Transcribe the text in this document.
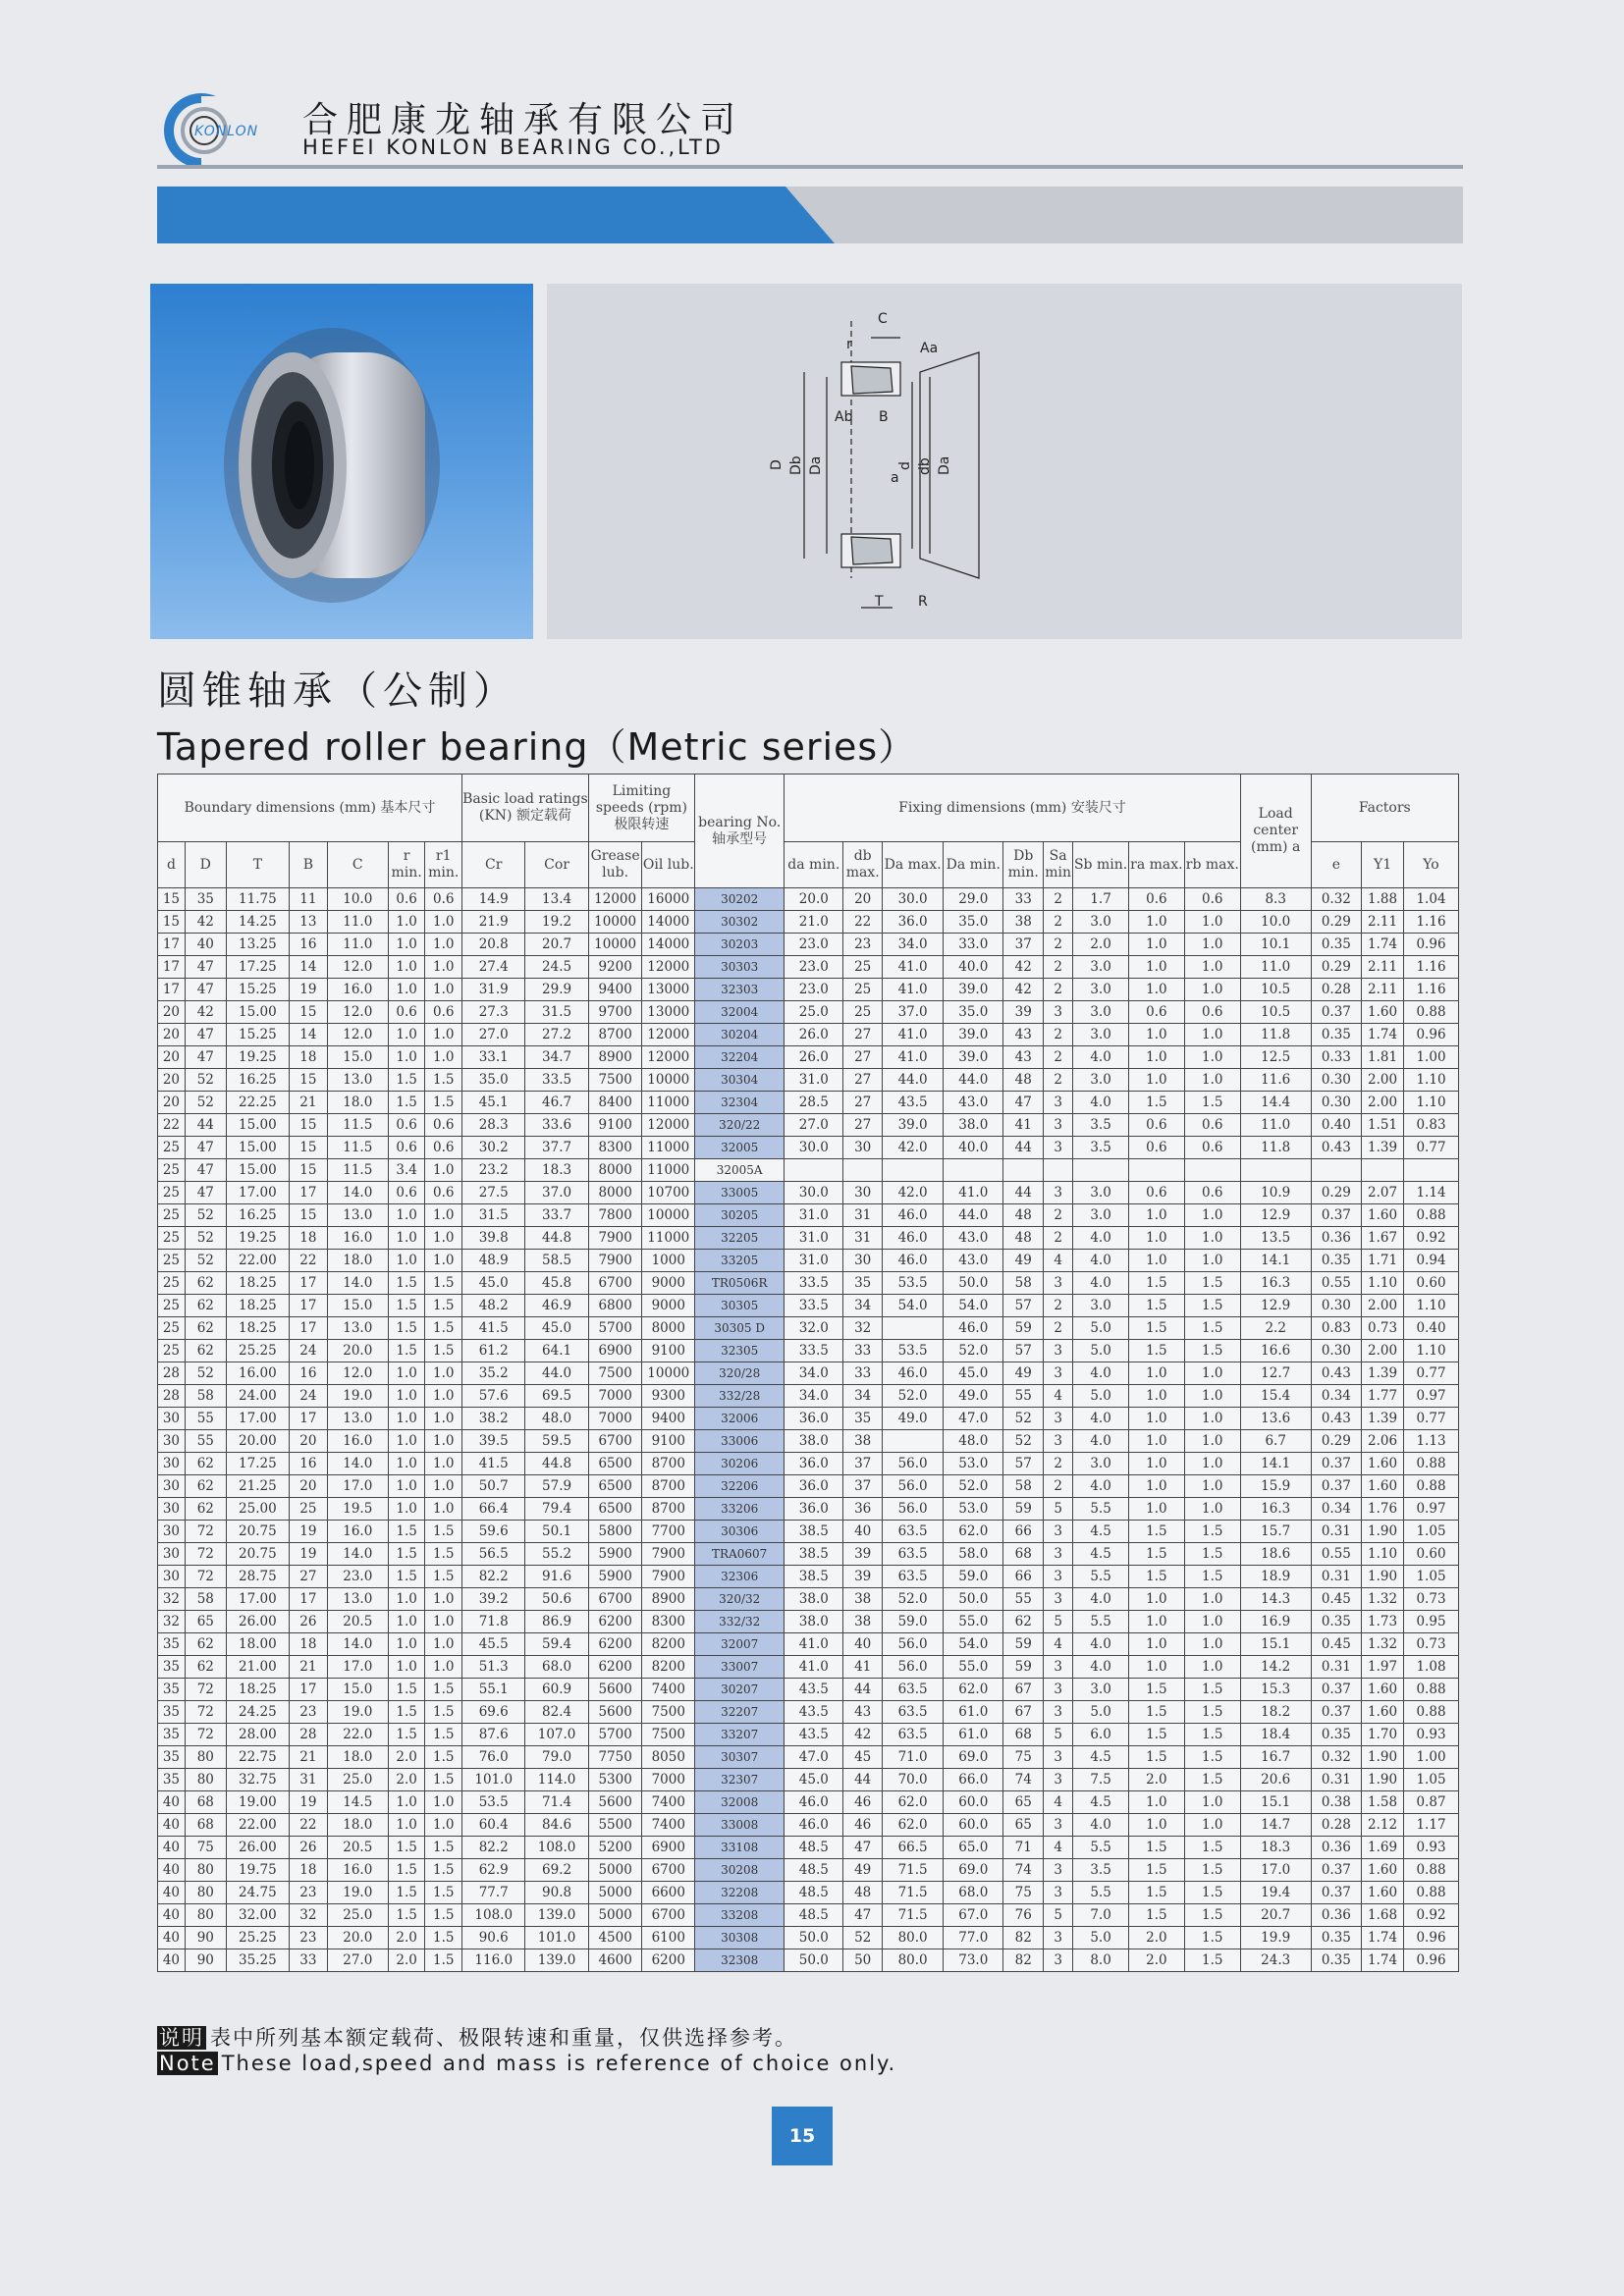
KONLON 合肥康龙轴承有限公司
HEFEI KONLON BEARING CO.,LTD
C
r	Aa
Ab B
D Db Da
a
d db Da
T	R
圆锥轴承（公制）
Tapered roller bearing（Metric series）
Boundary dimensions (mm) 基本尺寸							Basic load ratings (KN) 额定载荷		Limiting speeds (rpm) 极限转速		bearing No. 轴承型号	Fixing dimensions (mm) 安装尺寸									Load center (mm) a	Factors		
d	D	T	B	C	r min.	r1 min.	Cr	Cor	Grease lub.	Oil lub.		da min.	db max.	Da max.	Da min.	Db min.	Sa min	Sb min.	ra max.	rb max.		e	Y1	Yo
15	35	11.75	11	10.0	0.6	0.6	14.9	13.4	12000	16000	30202	20.0	20	30.0	29.0	33	2	1.7	0.6	0.6	8.3	0.32	1.88	1.04
15	42	14.25	13	11.0	1.0	1.0	21.9	19.2	10000	14000	30302	21.0	22	36.0	35.0	38	2	3.0	1.0	1.0	10.0	0.29	2.11	1.16
17	40	13.25	16	11.0	1.0	1.0	20.8	20.7	10000	14000	30203	23.0	23	34.0	33.0	37	2	2.0	1.0	1.0	10.1	0.35	1.74	0.96
17	47	17.25	14	12.0	1.0	1.0	27.4	24.5	9200	12000	30303	23.0	25	41.0	40.0	42	2	3.0	1.0	1.0	11.0	0.29	2.11	1.16
17	47	15.25	19	16.0	1.0	1.0	31.9	29.9	9400	13000	32303	23.0	25	41.0	39.0	42	2	3.0	1.0	1.0	10.5	0.28	2.11	1.16
20	42	15.00	15	12.0	0.6	0.6	27.3	31.5	9700	13000	32004	25.0	25	37.0	35.0	39	3	3.0	0.6	0.6	10.5	0.37	1.60	0.88
20	47	15.25	14	12.0	1.0	1.0	27.0	27.2	8700	12000	30204	26.0	27	41.0	39.0	43	2	3.0	1.0	1.0	11.8	0.35	1.74	0.96
20	47	19.25	18	15.0	1.0	1.0	33.1	34.7	8900	12000	32204	26.0	27	41.0	39.0	43	2	4.0	1.0	1.0	12.5	0.33	1.81	1.00
20	52	16.25	15	13.0	1.5	1.5	35.0	33.5	7500	10000	30304	31.0	27	44.0	44.0	48	2	3.0	1.0	1.0	11.6	0.30	2.00	1.10
20	52	22.25	21	18.0	1.5	1.5	45.1	46.7	8400	11000	32304	28.5	27	43.5	43.0	47	3	4.0	1.5	1.5	14.4	0.30	2.00	1.10
22	44	15.00	15	11.5	0.6	0.6	28.3	33.6	9100	12000	320/22	27.0	27	39.0	38.0	41	3	3.5	0.6	0.6	11.0	0.40	1.51	0.83
25	47	15.00	15	11.5	0.6	0.6	30.2	37.7	8300	11000	32005	30.0	30	42.0	40.0	44	3	3.5	0.6	0.6	11.8	0.43	1.39	0.77
25	47	15.00	15	11.5	3.4	1.0	23.2	18.3	8000	11000	32005A													
25	47	17.00	17	14.0	0.6	0.6	27.5	37.0	8000	10700	33005	30.0	30	42.0	41.0	44	3	3.0	0.6	0.6	10.9	0.29	2.07	1.14
25	52	16.25	15	13.0	1.0	1.0	31.5	33.7	7800	10000	30205	31.0	31	46.0	44.0	48	2	3.0	1.0	1.0	12.9	0.37	1.60	0.88
25	52	19.25	18	16.0	1.0	1.0	39.8	44.8	7900	11000	32205	31.0	31	46.0	43.0	48	2	4.0	1.0	1.0	13.5	0.36	1.67	0.92
25	52	22.00	22	18.0	1.0	1.0	48.9	58.5	7900	1000	33205	31.0	30	46.0	43.0	49	4	4.0	1.0	1.0	14.1	0.35	1.71	0.94
25	62	18.25	17	14.0	1.5	1.5	45.0	45.8	6700	9000	TR0506R	33.5	35	53.5	50.0	58	3	4.0	1.5	1.5	16.3	0.55	1.10	0.60
25	62	18.25	17	15.0	1.5	1.5	48.2	46.9	6800	9000	30305	33.5	34	54.0	54.0	57	2	3.0	1.5	1.5	12.9	0.30	2.00	1.10
25	62	18.25	17	13.0	1.5	1.5	41.5	45.0	5700	8000	30305 D	32.0	32		46.0	59	2	5.0	1.5	1.5	2.2	0.83	0.73	0.40
25	62	25.25	24	20.0	1.5	1.5	61.2	64.1	6900	9100	32305	33.5	33	53.5	52.0	57	3	5.0	1.5	1.5	16.6	0.30	2.00	1.10
28	52	16.00	16	12.0	1.0	1.0	35.2	44.0	7500	10000	320/28	34.0	33	46.0	45.0	49	3	4.0	1.0	1.0	12.7	0.43	1.39	0.77
28	58	24.00	24	19.0	1.0	1.0	57.6	69.5	7000	9300	332/28	34.0	34	52.0	49.0	55	4	5.0	1.0	1.0	15.4	0.34	1.77	0.97
30	55	17.00	17	13.0	1.0	1.0	38.2	48.0	7000	9400	32006	36.0	35	49.0	47.0	52	3	4.0	1.0	1.0	13.6	0.43	1.39	0.77
30	55	20.00	20	16.0	1.0	1.0	39.5	59.5	6700	9100	33006	38.0	38		48.0	52	3	4.0	1.0	1.0	6.7	0.29	2.06	1.13
30	62	17.25	16	14.0	1.0	1.0	41.5	44.8	6500	8700	30206	36.0	37	56.0	53.0	57	2	3.0	1.0	1.0	14.1	0.37	1.60	0.88
30	62	21.25	20	17.0	1.0	1.0	50.7	57.9	6500	8700	32206	36.0	37	56.0	52.0	58	2	4.0	1.0	1.0	15.9	0.37	1.60	0.88
30	62	25.00	25	19.5	1.0	1.0	66.4	79.4	6500	8700	33206	36.0	36	56.0	53.0	59	5	5.5	1.0	1.0	16.3	0.34	1.76	0.97
30	72	20.75	19	16.0	1.5	1.5	59.6	50.1	5800	7700	30306	38.5	40	63.5	62.0	66	3	4.5	1.5	1.5	15.7	0.31	1.90	1.05
30	72	20.75	19	14.0	1.5	1.5	56.5	55.2	5900	7900	TRA0607	38.5	39	63.5	58.0	68	3	4.5	1.5	1.5	18.6	0.55	1.10	0.60
30	72	28.75	27	23.0	1.5	1.5	82.2	91.6	5900	7900	32306	38.5	39	63.5	59.0	66	3	5.5	1.5	1.5	18.9	0.31	1.90	1.05
32	58	17.00	17	13.0	1.0	1.0	39.2	50.6	6700	8900	320/32	38.0	38	52.0	50.0	55	3	4.0	1.0	1.0	14.3	0.45	1.32	0.73
32	65	26.00	26	20.5	1.0	1.0	71.8	86.9	6200	8300	332/32	38.0	38	59.0	55.0	62	5	5.5	1.0	1.0	16.9	0.35	1.73	0.95
35	62	18.00	18	14.0	1.0	1.0	45.5	59.4	6200	8200	32007	41.0	40	56.0	54.0	59	4	4.0	1.0	1.0	15.1	0.45	1.32	0.73
35	62	21.00	21	17.0	1.0	1.0	51.3	68.0	6200	8200	33007	41.0	41	56.0	55.0	59	3	4.0	1.0	1.0	14.2	0.31	1.97	1.08
35	72	18.25	17	15.0	1.5	1.5	55.1	60.9	5600	7400	30207	43.5	44	63.5	62.0	67	3	3.0	1.5	1.5	15.3	0.37	1.60	0.88
35	72	24.25	23	19.0	1.5	1.5	69.6	82.4	5600	7500	32207	43.5	43	63.5	61.0	67	3	5.0	1.5	1.5	18.2	0.37	1.60	0.88
35	72	28.00	28	22.0	1.5	1.5	87.6	107.0	5700	7500	33207	43.5	42	63.5	61.0	68	5	6.0	1.5	1.5	18.4	0.35	1.70	0.93
35	80	22.75	21	18.0	2.0	1.5	76.0	79.0	7750	8050	30307	47.0	45	71.0	69.0	75	3	4.5	1.5	1.5	16.7	0.32	1.90	1.00
35	80	32.75	31	25.0	2.0	1.5	101.0	114.0	5300	7000	32307	45.0	44	70.0	66.0	74	3	7.5	2.0	1.5	20.6	0.31	1.90	1.05
40	68	19.00	19	14.5	1.0	1.0	53.5	71.4	5600	7400	32008	46.0	46	62.0	60.0	65	4	4.5	1.0	1.0	15.1	0.38	1.58	0.87
40	68	22.00	22	18.0	1.0	1.0	60.4	84.6	5500	7400	33008	46.0	46	62.0	60.0	65	3	4.0	1.0	1.0	14.7	0.28	2.12	1.17
40	75	26.00	26	20.5	1.5	1.5	82.2	108.0	5200	6900	33108	48.5	47	66.5	65.0	71	4	5.5	1.5	1.5	18.3	0.36	1.69	0.93
40	80	19.75	18	16.0	1.5	1.5	62.9	69.2	5000	6700	30208	48.5	49	71.5	69.0	74	3	3.5	1.5	1.5	17.0	0.37	1.60	0.88
40	80	24.75	23	19.0	1.5	1.5	77.7	90.8	5000	6600	32208	48.5	48	71.5	68.0	75	3	5.5	1.5	1.5	19.4	0.37	1.60	0.88
40	80	32.00	32	25.0	1.5	1.5	108.0	139.0	5000	6700	33208	48.5	47	71.5	67.0	76	5	7.0	1.5	1.5	20.7	0.36	1.68	0.92
40	90	25.25	23	20.0	2.0	1.5	90.6	101.0	4500	6100	30308	50.0	52	80.0	77.0	82	3	5.0	2.0	1.5	19.9	0.35	1.74	0.96
40	90	35.25	33	27.0	2.0	1.5	116.0	139.0	4600	6200	32308	50.0	50	80.0	73.0	82	3	8.0	2.0	1.5	24.3	0.35	1.74	0.96
说明 表中所列基本额定载荷、极限转速和重量，仅供选择参考。
Note These load,speed and mass is reference of choice only.
15
